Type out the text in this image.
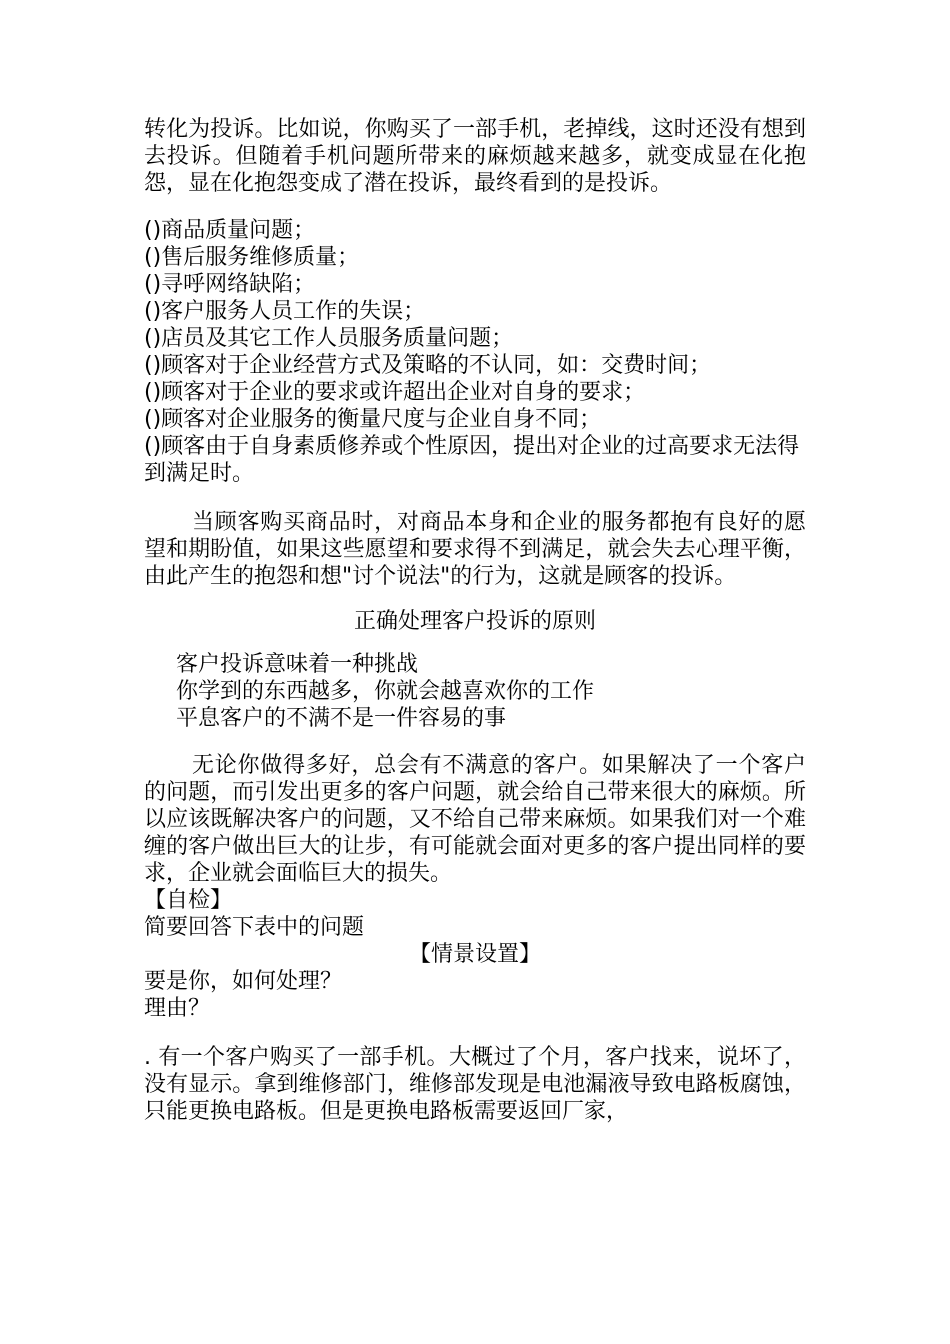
转化为投诉。比如说，你购买了一部手机，老掉线，这时还没有想到去投诉。但随着手机问题所带来的麻烦越来越多，就变成显在化抱怨，显在化抱怨变成了潜在投诉，最终看到的是投诉。

()商品质量问题；
()售后服务维修质量；
()寻呼网络缺陷；
()客户服务人员工作的失误；
()店员及其它工作人员服务质量问题；
()顾客对于企业经营方式及策略的不认同，如：交费时间；
()顾客对于企业的要求或许超出企业对自身的要求；
()顾客对企业服务的衡量尺度与企业自身不同；
()顾客由于自身素质修养或个性原因，提出对企业的过高要求无法得到满足时。

当顾客购买商品时，对商品本身和企业的服务都抱有良好的愿望和期盼值，如果这些愿望和要求得不到满足，就会失去心理平衡，由此产生的抱怨和想"讨个说法"的行为，这就是顾客的投诉。

正确处理客户投诉的原则

客户投诉意味着一种挑战
你学到的东西越多，你就会越喜欢你的工作
平息客户的不满不是一件容易的事

无论你做得多好，总会有不满意的客户。如果解决了一个客户的问题，而引发出更多的客户问题，就会给自己带来很大的麻烦。所以应该既解决客户的问题，又不给自己带来麻烦。如果我们对一个难缠的客户做出巨大的让步，有可能就会面对更多的客户提出同样的要求，企业就会面临巨大的损失。

【自检】

简要回答下表中的问题

【情景设置】

要是你，如何处理？

理由？

. 有一个客户购买了一部手机。大概过了个月，客户找来，说坏了，没有显示。拿到维修部门，维修部发现是电池漏液导致电路板腐蚀，只能更换电路板。但是更换电路板需要返回厂家，
